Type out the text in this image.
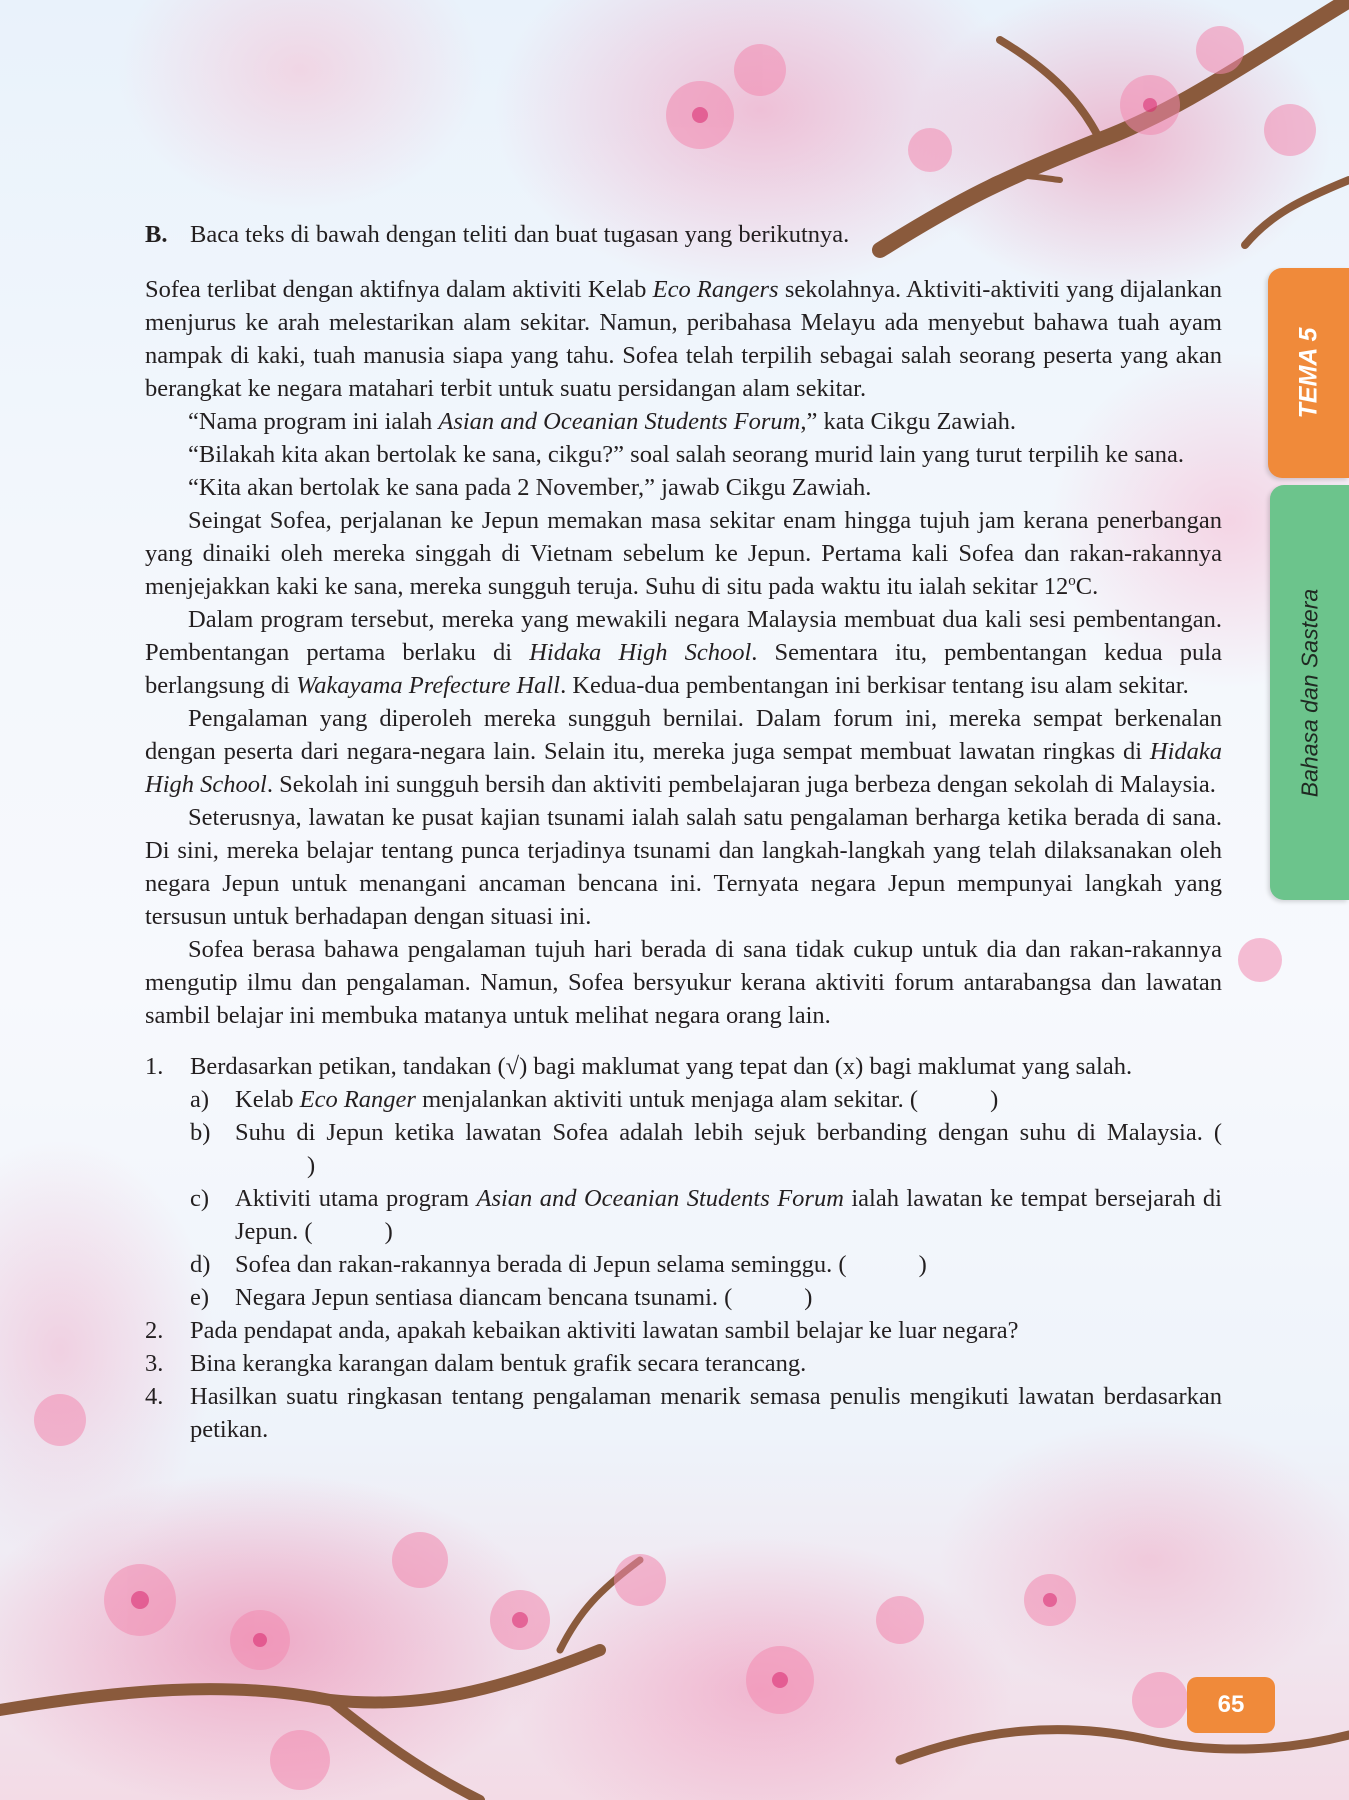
TEMA 5
Bahasa dan Sastera
B. Baca teks di bawah dengan teliti dan buat tugasan yang berikutnya.

Sofea terlibat dengan aktifnya dalam aktiviti Kelab Eco Rangers sekolahnya. Aktiviti-aktiviti yang dijalankan menjurus ke arah melestarikan alam sekitar. Namun, peribahasa Melayu ada menyebut bahawa tuah ayam nampak di kaki, tuah manusia siapa yang tahu. Sofea telah terpilih sebagai salah seorang peserta yang akan berangkat ke negara matahari terbit untuk suatu persidangan alam sekitar.

“Nama program ini ialah Asian and Oceanian Students Forum,” kata Cikgu Zawiah.

“Bilakah kita akan bertolak ke sana, cikgu?” soal salah seorang murid lain yang turut terpilih ke sana.

“Kita akan bertolak ke sana pada 2 November,” jawab Cikgu Zawiah.

Seingat Sofea, perjalanan ke Jepun memakan masa sekitar enam hingga tujuh jam kerana penerbangan yang dinaiki oleh mereka singgah di Vietnam sebelum ke Jepun. Pertama kali Sofea dan rakan-rakannya menjejakkan kaki ke sana, mereka sungguh teruja. Suhu di situ pada waktu itu ialah sekitar 12$^o$C.

Dalam program tersebut, mereka yang mewakili negara Malaysia membuat dua kali sesi pembentangan. Pembentangan pertama berlaku di Hidaka High School. Sementara itu, pembentangan kedua pula berlangsung di Wakayama Prefecture Hall. Kedua-dua pembentangan ini berkisar tentang isu alam sekitar.

Pengalaman yang diperoleh mereka sungguh bernilai. Dalam forum ini, mereka sempat berkenalan dengan peserta dari negara-negara lain. Selain itu, mereka juga sempat membuat lawatan ringkas di Hidaka High School. Sekolah ini sungguh bersih dan aktiviti pembelajaran juga berbeza dengan sekolah di Malaysia.

Seterusnya, lawatan ke pusat kajian tsunami ialah salah satu pengalaman berharga ketika berada di sana. Di sini, mereka belajar tentang punca terjadinya tsunami dan langkah-langkah yang telah dilaksanakan oleh negara Jepun untuk menangani ancaman bencana ini. Ternyata negara Jepun mempunyai langkah yang tersusun untuk berhadapan dengan situasi ini.

Sofea berasa bahawa pengalaman tujuh hari berada di sana tidak cukup untuk dia dan rakan-rakannya mengutip ilmu dan pengalaman. Namun, Sofea bersyukur kerana aktiviti forum antarabangsa dan lawatan sambil belajar ini membuka matanya untuk melihat negara orang lain.

1.	Berdasarkan petikan, tandakan (√) bagi maklumat yang tepat dan (x) bagi maklumat yang salah.
a)	Kelab Eco Ranger menjalankan aktiviti untuk menjaga alam sekitar. (	)
b)	Suhu di Jepun ketika lawatan Sofea adalah lebih sejuk berbanding dengan suhu di Malaysia. ()
c)	Aktiviti utama program Asian and Oceanian Students Forum ialah lawatan ke tempat bersejarah di Jepun. (	)
d)	Sofea dan rakan-rakannya berada di Jepun selama seminggu. (	)
e)	Negara Jepun sentiasa diancam bencana tsunami. (	)
2.	Pada pendapat anda, apakah kebaikan aktiviti lawatan sambil belajar ke luar negara?
3.	Bina kerangka karangan dalam bentuk grafik secara terancang.
4.	Hasilkan suatu ringkasan tentang pengalaman menarik semasa penulis mengikuti lawatan berdasarkan petikan.
65
